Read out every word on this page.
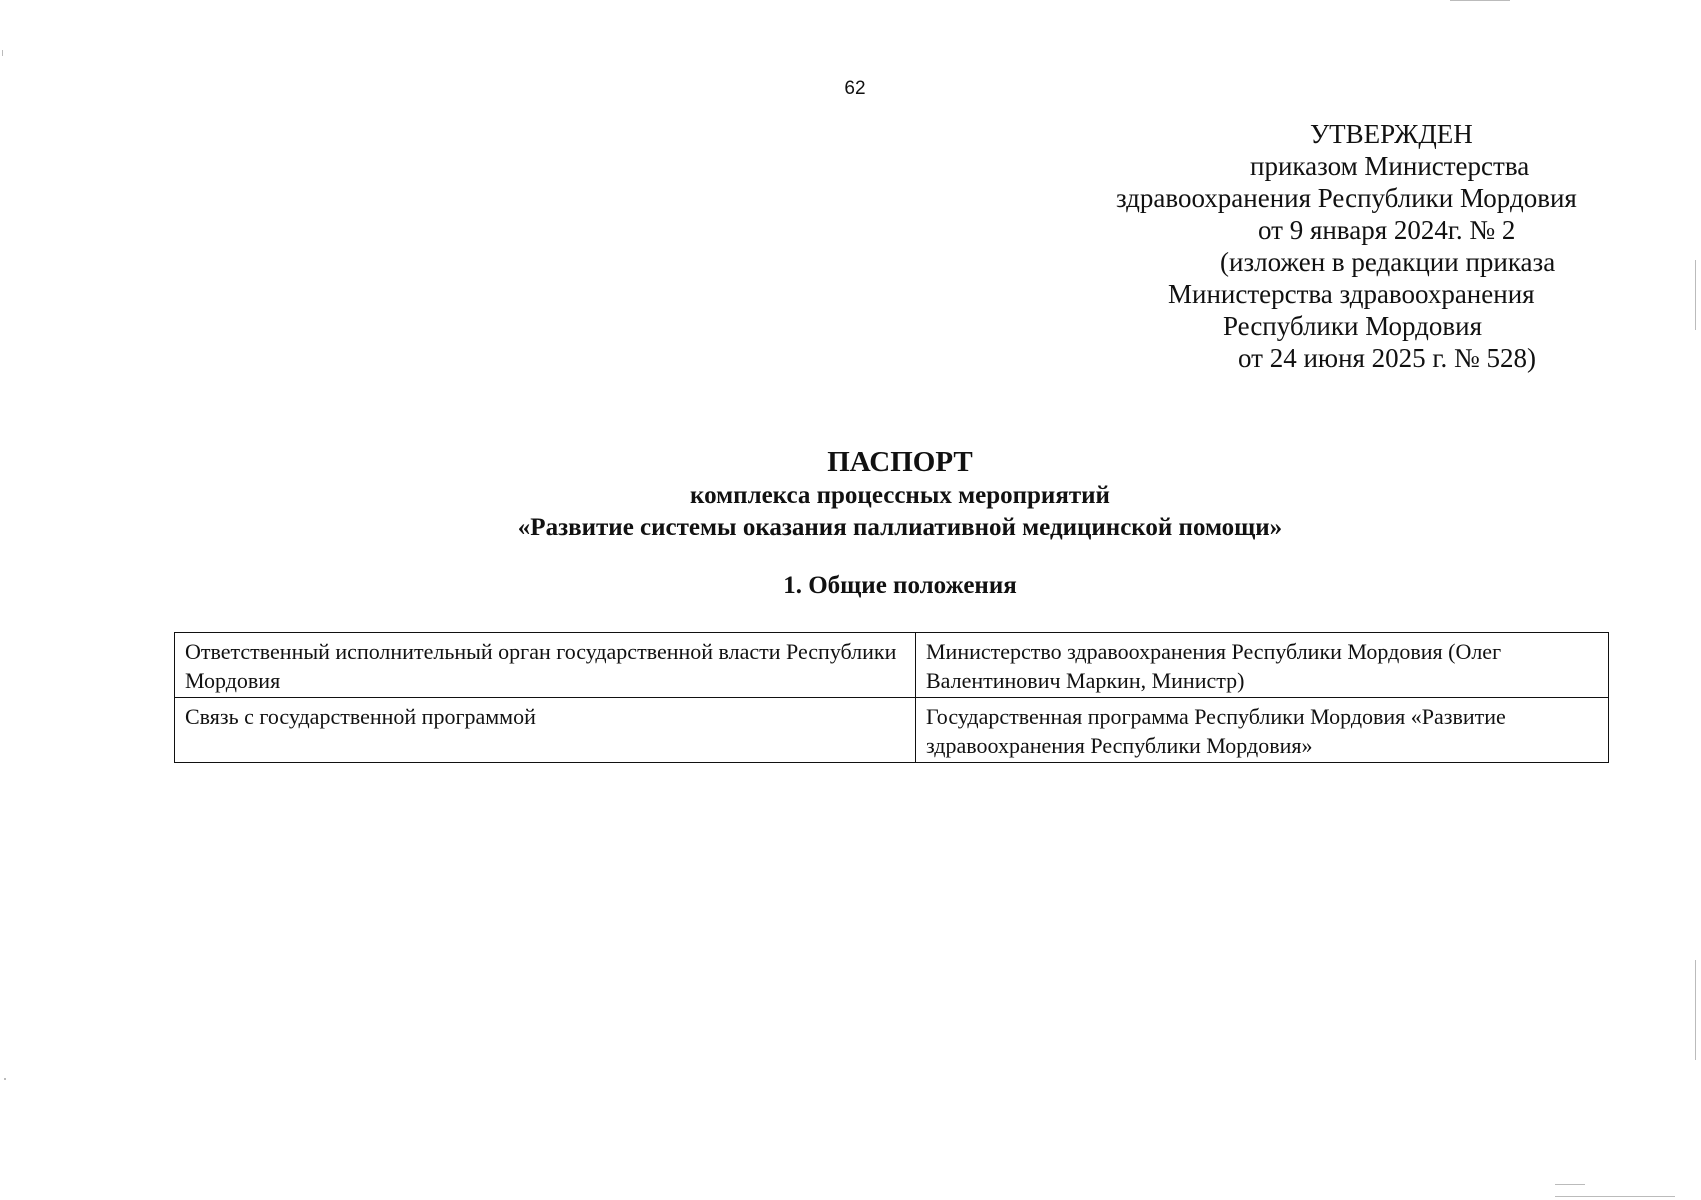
62
УТВЕРЖДЕН
приказом Министерства
здравоохранения Республики Мордовия
от 9 января 2024г. № 2
(изложен в редакции приказа
Министерства здравоохранения
Республики Мордовия
от 24 июня 2025 г. № 528)
ПАСПОРТ
комплекса процессных мероприятий
«Развитие системы оказания паллиативной медицинской помощи»
1. Общие положения
Ответственный исполнительный орган государственной власти Республики Мордовия	Министерство здравоохранения Республики Мордовия (Олег Валентинович Маркин, Министр)
Связь с государственной программой	Государственная программа Республики Мордовия «Развитие здравоохранения Республики Мордовия»
